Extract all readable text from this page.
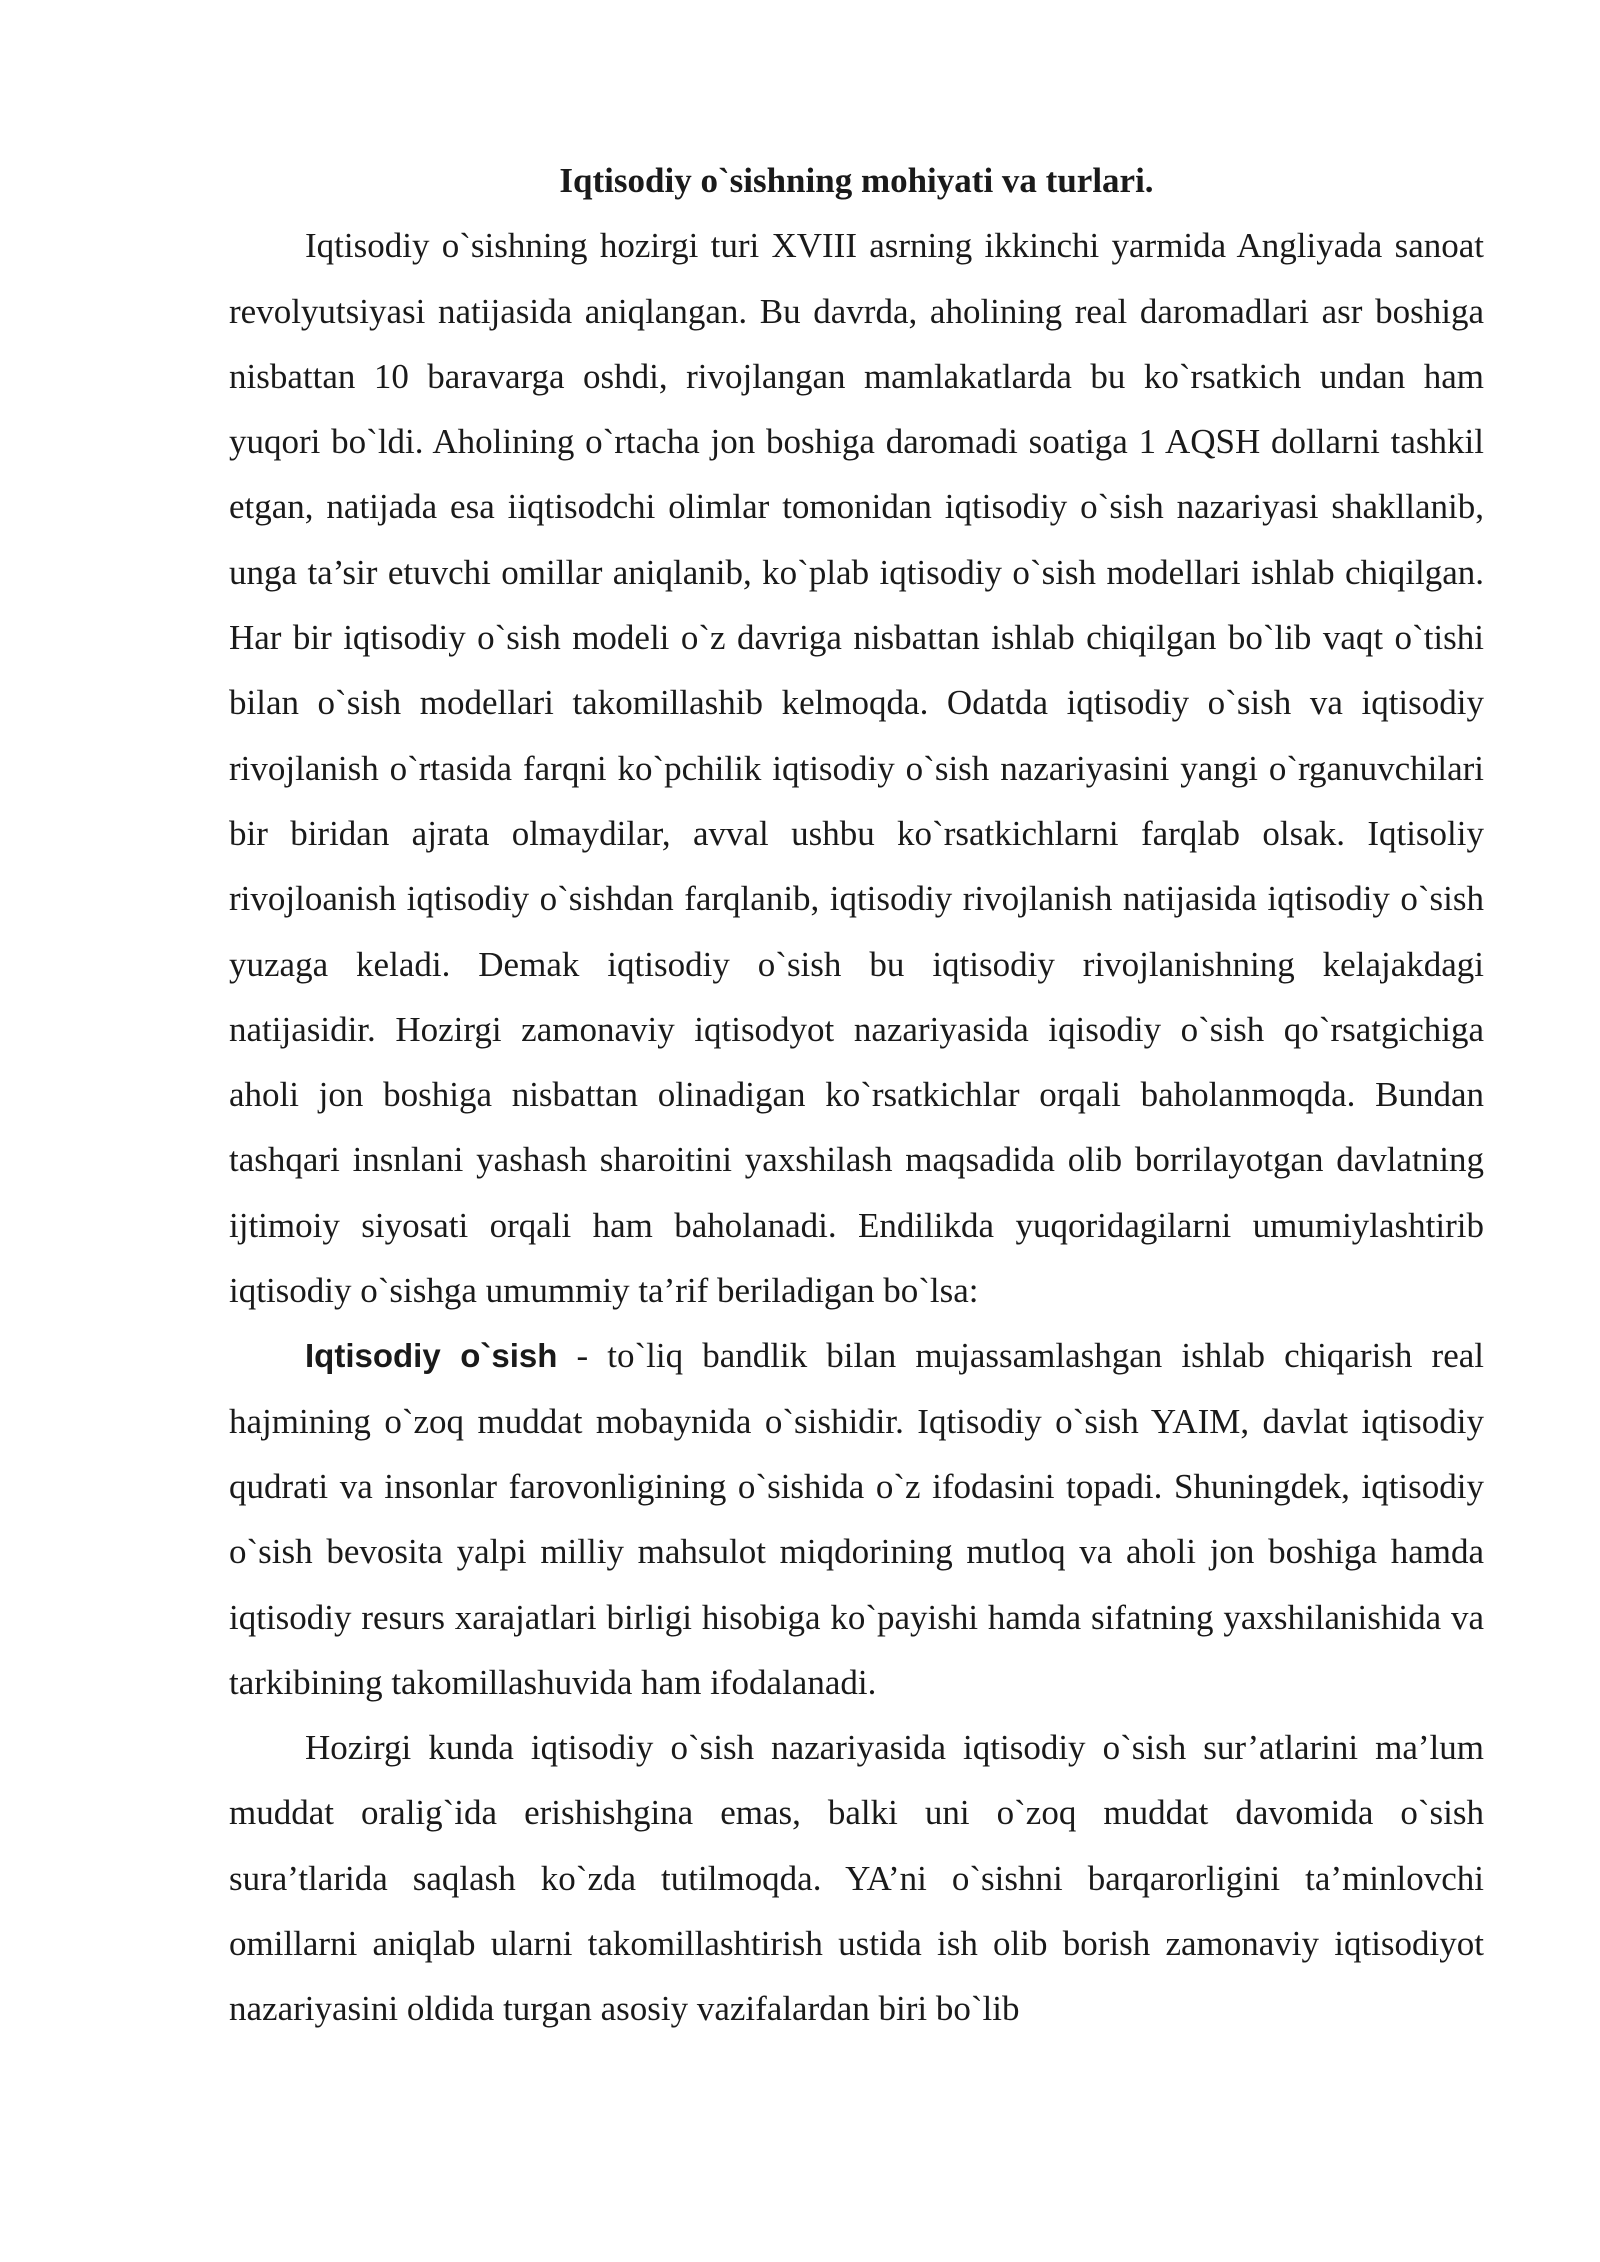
Iqtisodiy o`sishning mohiyati va turlari.

Iqtisodiy o`sishning hozirgi turi XVIII asrning ikkinchi yarmida Angliyada sanoat revolyutsiyasi natijasida aniqlangan. Bu davrda, aholining real daromadlari asr boshiga nisbattan 10 baravarga oshdi, rivojlangan mamlakatlarda bu ko`rsatkich undan ham yuqori bo`ldi. Aholining o`rtacha jon boshiga daromadi soatiga 1 AQSH dollarni tashkil etgan, natijada esa iiqtisodchi olimlar tomonidan iqtisodiy o`sish nazariyasi shakllanib, unga ta’sir etuvchi omillar aniqlanib, ko`plab iqtisodiy o`sish modellari ishlab chiqilgan. Har bir iqtisodiy o`sish modeli o`z davriga nisbattan ishlab chiqilgan bo`lib vaqt o`tishi bilan o`sish modellari takomillashib kelmoqda. Odatda iqtisodiy o`sish va iqtisodiy rivojlanish o`rtasida farqni ko`pchilik iqtisodiy o`sish nazariyasini yangi o`rganuvchilari bir biridan ajrata olmaydilar, avval ushbu ko`rsatkichlarni farqlab olsak. Iqtisoliy rivojloanish iqtisodiy o`sishdan farqlanib, iqtisodiy rivojlanish natijasida iqtisodiy o`sish yuzaga keladi. Demak iqtisodiy o`sish bu iqtisodiy rivojlanishning kelajakdagi natijasidir. Hozirgi zamonaviy iqtisodyot nazariyasida iqisodiy o`sish qo`rsatgichiga aholi jon boshiga nisbattan olinadigan ko`rsatkichlar orqali baholanmoqda. Bundan tashqari insnlani yashash sharoitini yaxshilash maqsadida olib borrilayotgan davlatning ijtimoiy siyosati orqali ham baholanadi. Endilikda yuqoridagilarni umumiylashtirib iqtisodiy o`sishga umummiy ta’rif beriladigan bo`lsa:

Iqtisodiy o`sish - to`liq bandlik bilan mujassamlashgan ishlab chiqarish real hajmining o`zoq muddat mobaynida o`sishidir. Iqtisodiy o`sish YAIM, davlat iqtisodiy qudrati va insonlar farovonligining o`sishida o`z ifodasini topadi. Shuningdek, iqtisodiy o`sish bevosita yalpi milliy mahsulot miqdorining mutloq va aholi jon boshiga hamda iqtisodiy resurs xarajatlari birligi hisobiga ko`payishi hamda sifatning yaxshilanishida va tarkibining takomillashuvida ham ifodalanadi.

Hozirgi kunda iqtisodiy o`sish nazariyasida iqtisodiy o`sish sur’atlarini ma’lum muddat oralig`ida erishishgina emas, balki uni o`zoq muddat davomida o`sish sura’tlarida saqlash ko`zda tutilmoqda. YA’ni o`sishni barqarorligini ta’minlovchi omillarni aniqlab ularni takomillashtirish ustida ish olib borish zamonaviy iqtisodiyot nazariyasini oldida turgan asosiy vazifalardan biri bo`lib
